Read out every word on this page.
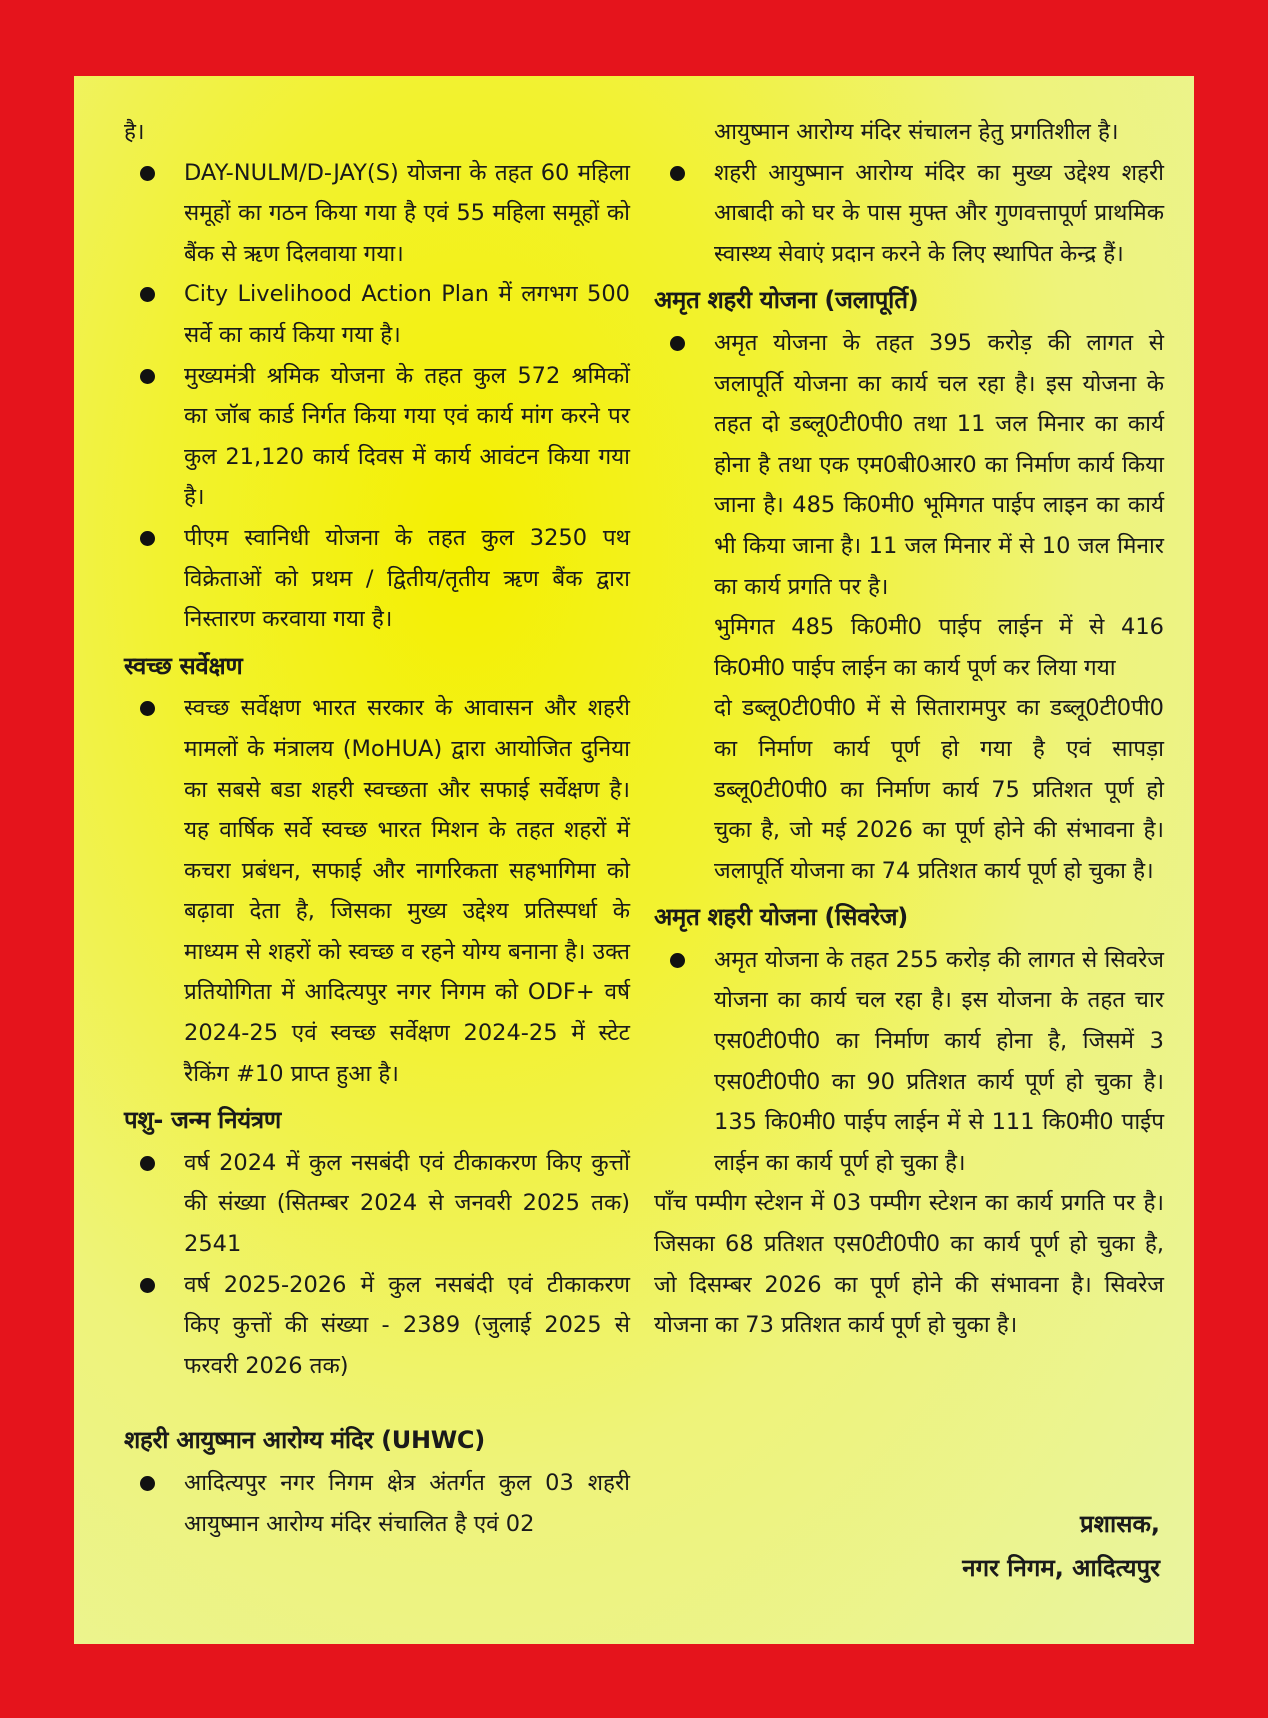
है।

DAY-NULM/D-JAY(S) योजना के तहत 60 महिला समूहों का गठन किया गया है एवं 55 महिला समूहों को बैंक से ऋण दिलवाया गया।
City Livelihood Action Plan में लगभग 500 सर्वे का कार्य किया गया है।
मुख्यमंत्री श्रमिक योजना के तहत कुल 572 श्रमिकों का जॉब कार्ड निर्गत किया गया एवं कार्य मांग करने पर कुल 21,120 कार्य दिवस में कार्य आवंटन किया गया है।
पीएम स्वानिधी योजना के तहत कुल 3250 पथ विक्रेताओं को प्रथम / द्वितीय/तृतीय ऋण बैंक द्वारा निस्तारण करवाया गया है।
स्वच्छ सर्वेक्षण
स्वच्छ सर्वेक्षण भारत सरकार के आवासन और शहरी मामलों के मंत्रालय (MoHUA) द्वारा आयोजित दुनिया का सबसे बडा शहरी स्वच्छता और सफाई सर्वेक्षण है। यह वार्षिक सर्वे स्वच्छ भारत मिशन के तहत शहरों में कचरा प्रबंधन, सफाई और नागरिकता सहभागिमा को बढ़ावा देता है, जिसका मुख्य उद्देश्य प्रतिस्पर्धा के माध्यम से शहरों को स्वच्छ व रहने योग्य बनाना है। उक्त प्रतियोगिता में आदित्यपुर नगर निगम को ODF+ वर्ष 2024-25 एवं स्वच्छ सर्वेक्षण 2024-25 में स्टेट रैकिंग #10 प्राप्त हुआ है।
पशु- जन्म नियंत्रण
वर्ष 2024 में कुल नसबंदी एवं टीकाकरण किए कुत्तों की संख्या (सितम्बर 2024 से जनवरी 2025 तक) 2541
वर्ष 2025-2026 में कुल नसबंदी एवं टीकाकरण किए कुत्तों की संख्या - 2389 (जुलाई 2025 से फरवरी 2026 तक)
शहरी आयुष्मान आरोग्य मंदिर (UHWC)
आदित्यपुर नगर निगम क्षेत्र अंतर्गत कुल 03 शहरी आयुष्मान आरोग्य मंदिर संचालित है एवं 02

आयुष्मान आरोग्य मंदिर संचालन हेतु प्रगतिशील है।

शहरी आयुष्मान आरोग्य मंदिर का मुख्य उद्देश्य शहरी आबादी को घर के पास मुफ्त और गुणवत्तापूर्ण प्राथमिक स्वास्थ्य सेवाएं प्रदान करने के लिए स्थापित केन्द्र हैं।
अमृत शहरी योजना (जलापूर्ति)
अमृत योजना के तहत 395 करोड़ की लागत से जलापूर्ति योजना का कार्य चल रहा है। इस योजना के तहत दो डब्लू0टी0पी0 तथा 11 जल मिनार का कार्य होना है तथा एक एम0बी0आर0 का निर्माण कार्य किया जाना है। 485 कि0मी0 भूमिगत पाईप लाइन का कार्य भी किया जाना है। 11 जल मिनार में से 10 जल मिनार का कार्य प्रगति पर है।

भुमिगत 485 कि0मी0 पाईप लाईन में से 416 कि0मी0 पाईप लाईन का कार्य पूर्ण कर लिया गया

दो डब्लू0टी0पी0 में से सितारामपुर का डब्लू0टी0पी0 का निर्माण कार्य पूर्ण हो गया है एवं सापड़ा डब्लू0टी0पी0 का निर्माण कार्य 75 प्रतिशत पूर्ण हो चुका है, जो मई 2026 का पूर्ण होने की संभावना है। जलापूर्ति योजना का 74 प्रतिशत कार्य पूर्ण हो चुका है।

अमृत शहरी योजना (सिवरेज)
अमृत योजना के तहत 255 करोड़ की लागत से सिवरेज योजना का कार्य चल रहा है। इस योजना के तहत चार एस0टी0पी0 का निर्माण कार्य होना है, जिसमें 3 एस0टी0पी0 का 90 प्रतिशत कार्य पूर्ण हो चुका है। 135 कि0मी0 पाईप लाईन में से 111 कि0मी0 पाईप लाईन का कार्य पूर्ण हो चुका है।

पाँच पम्पीग स्टेशन में 03 पम्पीग स्टेशन का कार्य प्रगति पर है। जिसका 68 प्रतिशत एस0टी0पी0 का कार्य पूर्ण हो चुका है, जो दिसम्बर 2026 का पूर्ण होने की संभावना है। सिवरेज योजना का 73 प्रतिशत कार्य पूर्ण हो चुका है।

प्रशासक,
नगर निगम, आदित्यपुर
